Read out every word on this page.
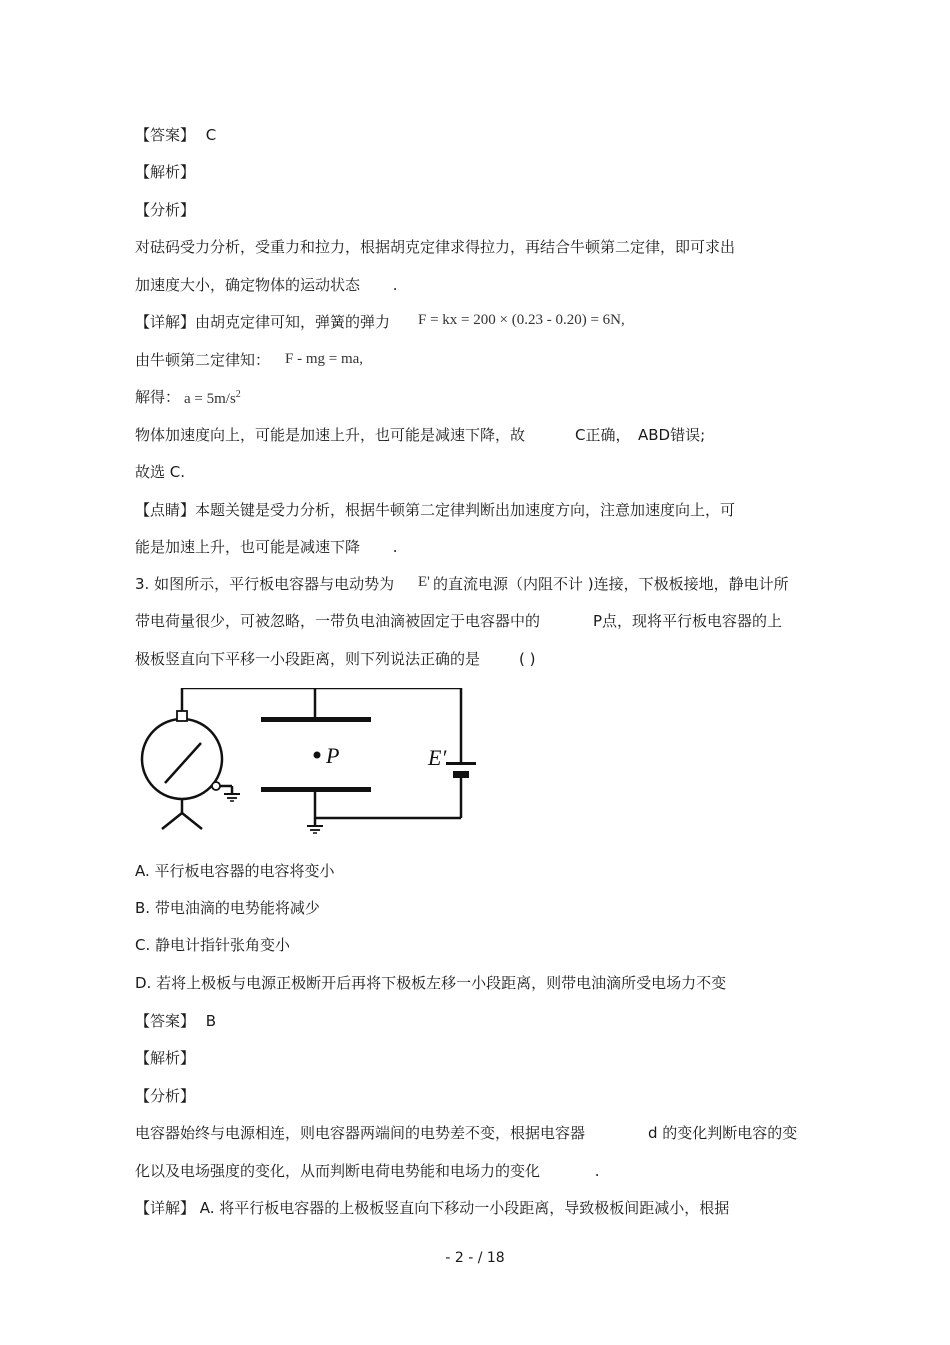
【答案】 C
【解析】
【分析】
对砝码受力分析，受重力和拉力，根据胡克定律求得拉力，再结合牛顿第二定律，即可求出
加速度大小，确定物体的运动状态 .
【详解】由胡克定律可知，弹簧的弹力 F = kx = 200 × (0.23 - 0.20) = 6N,
由牛顿第二定律知： F - mg = ma,
解得： $a = 5m/s^2$
物体加速度向上，可能是加速上升，也可能是减速下降，故	C正确， ABD错误;
故选 C.
【点睛】本题关键是受力分析，根据牛顿第二定律判断出加速度方向，注意加速度向上，可
能是加速上升，也可能是减速下降 .
3. 如图所示，平行板电容器与电动势为 E' 的直流电源（内阻不计 )连接，下极板接地，静电计所
带电荷量很少，可被忽略，一带负电油滴被固定于电容器中的	P点，现将平行板电容器的上
极板竖直向下平移一小段距离，则下列说法正确的是	( )
P	E′
A. 平行板电容器的电容将变小
B. 带电油滴的电势能将减少
C. 静电计指针张角变小
D. 若将上极板与电源正极断开后再将下极板左移一小段距离，则带电油滴所受电场力不变
【答案】 B
【解析】
【分析】
电容器始终与电源相连，则电容器两端间的电势差不变，根据电容器	d 的变化判断电容的变
化以及电场强度的变化，从而判断电荷电势能和电场力的变化	.
【详解】 A. 将平行板电容器的上极板竖直向下移动一小段距离，导致极板间距减小，根据
- 2 - / 18
